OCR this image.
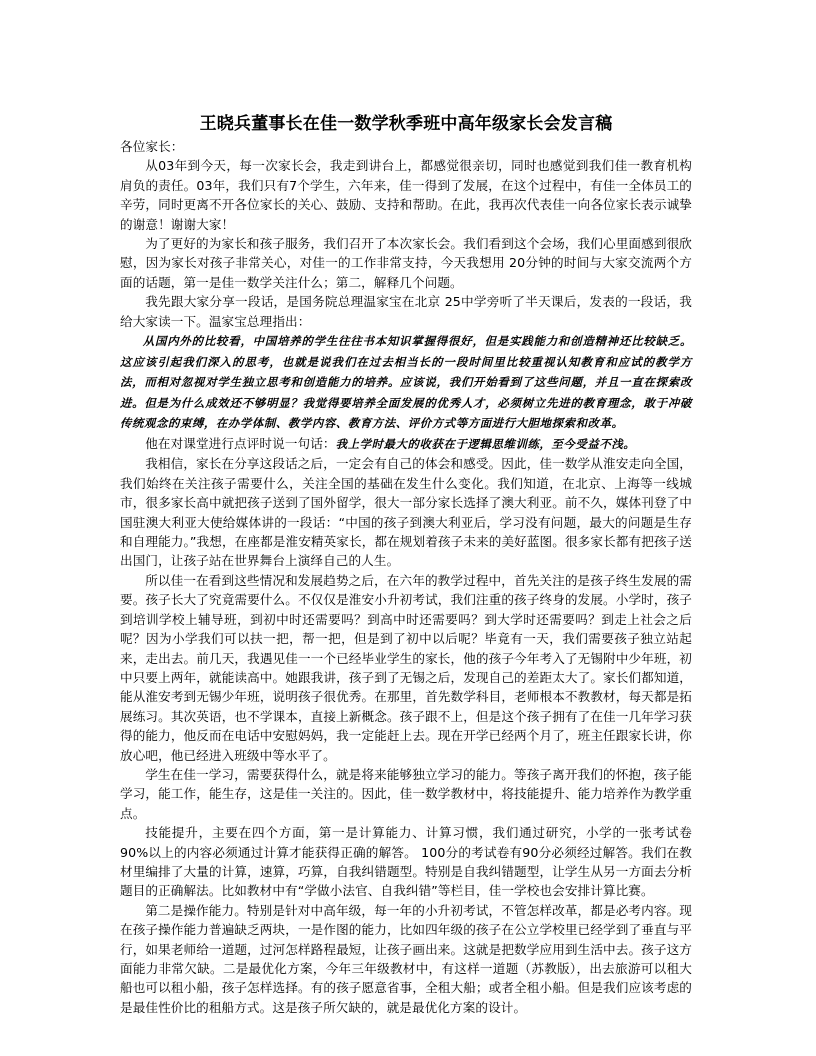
王晓兵董事长在佳一数学秋季班中高年级家长会发言稿

各位家长：

从03年到今天，每一次家长会，我走到讲台上，都感觉很亲切，同时也感觉到我们佳一教育机构肩负的责任。03年，我们只有7个学生，六年来，佳一得到了发展，在这个过程中，有佳一全体员工的辛劳，同时更离不开各位家长的关心、鼓励、支持和帮助。在此，我再次代表佳一向各位家长表示诚挚的谢意！谢谢大家！

为了更好的为家长和孩子服务，我们召开了本次家长会。我们看到这个会场，我们心里面感到很欣慰，因为家长对孩子非常关心，对佳一的工作非常支持，今天我想用 20分钟的时间与大家交流两个方面的话题，第一是佳一数学关注什么；第二，解释几个问题。

我先跟大家分享一段话，是国务院总理温家宝在北京 25中学旁听了半天课后，发表的一段话，我给大家读一下。温家宝总理指出：

从国内外的比较看，中国培养的学生往往书本知识掌握得很好，但是实践能力和创造精神还比较缺乏。这应该引起我们深入的思考，也就是说我们在过去相当长的一段时间里比较重视认知教育和应试的教学方法，而相对忽视对学生独立思考和创造能力的培养。应该说，我们开始看到了这些问题，并且一直在探索改进。但是为什么成效还不够明显？我觉得要培养全面发展的优秀人才，必须树立先进的教育理念，敢于冲破传统观念的束缚，在办学体制、教学内容、教育方法、评价方式等方面进行大胆地探索和改革。

他在对课堂进行点评时说一句话：我上学时最大的收获在于逻辑思维训练，至今受益不浅。

我相信，家长在分享这段话之后，一定会有自己的体会和感受。因此，佳一数学从淮安走向全国，我们始终在关注孩子需要什么，关注全国的基础在发生什么变化。我们知道，在北京、上海等一线城市，很多家长高中就把孩子送到了国外留学，很大一部分家长选择了澳大利亚。前不久，媒体刊登了中国驻澳大利亚大使给媒体讲的一段话：“中国的孩子到澳大利亚后，学习没有问题，最大的问题是生存和自理能力。”我想，在座都是淮安精英家长，都在规划着孩子未来的美好蓝图。很多家长都有把孩子送出国门，让孩子站在世界舞台上演绎自己的人生。

所以佳一在看到这些情况和发展趋势之后，在六年的教学过程中，首先关注的是孩子终生发展的需要。孩子长大了究竟需要什么。不仅仅是淮安小升初考试，我们注重的孩子终身的发展。小学时，孩子到培训学校上辅导班，到初中时还需要吗？到高中时还需要吗？到大学时还需要吗？到走上社会之后呢？因为小学我们可以扶一把，帮一把，但是到了初中以后呢？毕竟有一天，我们需要孩子独立站起来，走出去。前几天，我遇见佳一一个已经毕业学生的家长，他的孩子今年考入了无锡附中少年班，初中只要上两年，就能读高中。她跟我讲，孩子到了无锡之后，发现自己的差距太大了。家长们都知道，能从淮安考到无锡少年班，说明孩子很优秀。在那里，首先数学科目，老师根本不教教材，每天都是拓展练习。其次英语，也不学课本，直接上新概念。孩子跟不上，但是这个孩子拥有了在佳一几年学习获得的能力，他反而在电话中安慰妈妈，我一定能赶上去。现在开学已经两个月了，班主任跟家长讲，你放心吧，他已经进入班级中等水平了。

学生在佳一学习，需要获得什么，就是将来能够独立学习的能力。等孩子离开我们的怀抱，孩子能学习，能工作，能生存，这是佳一关注的。因此，佳一数学教材中，将技能提升、能力培养作为教学重点。

技能提升，主要在四个方面，第一是计算能力、计算习惯，我们通过研究，小学的一张考试卷90%以上的内容必须通过计算才能获得正确的解答。 100分的考试卷有90分必须经过解答。我们在教材里编排了大量的计算，速算，巧算，自我纠错题型。特别是自我纠错题型，让学生从另一方面去分析题目的正确解法。比如教材中有“学做小法官、自我纠错”等栏目，佳一学校也会安排计算比赛。

第二是操作能力。特别是针对中高年级，每一年的小升初考试，不管怎样改革，都是必考内容。现在孩子操作能力普遍缺乏两块，一是作图的能力，比如四年级的孩子在公立学校里已经学到了垂直与平行，如果老师给一道题，过河怎样路程最短，让孩子画出来。这就是把数学应用到生活中去。孩子这方面能力非常欠缺。二是最优化方案，今年三年级教材中，有这样一道题（苏教版），出去旅游可以租大船也可以租小船，孩子怎样选择。有的孩子愿意省事，全租大船；或者全租小船。但是我们应该考虑的是最佳性价比的租船方式。这是孩子所欠缺的，就是最优化方案的设计。
